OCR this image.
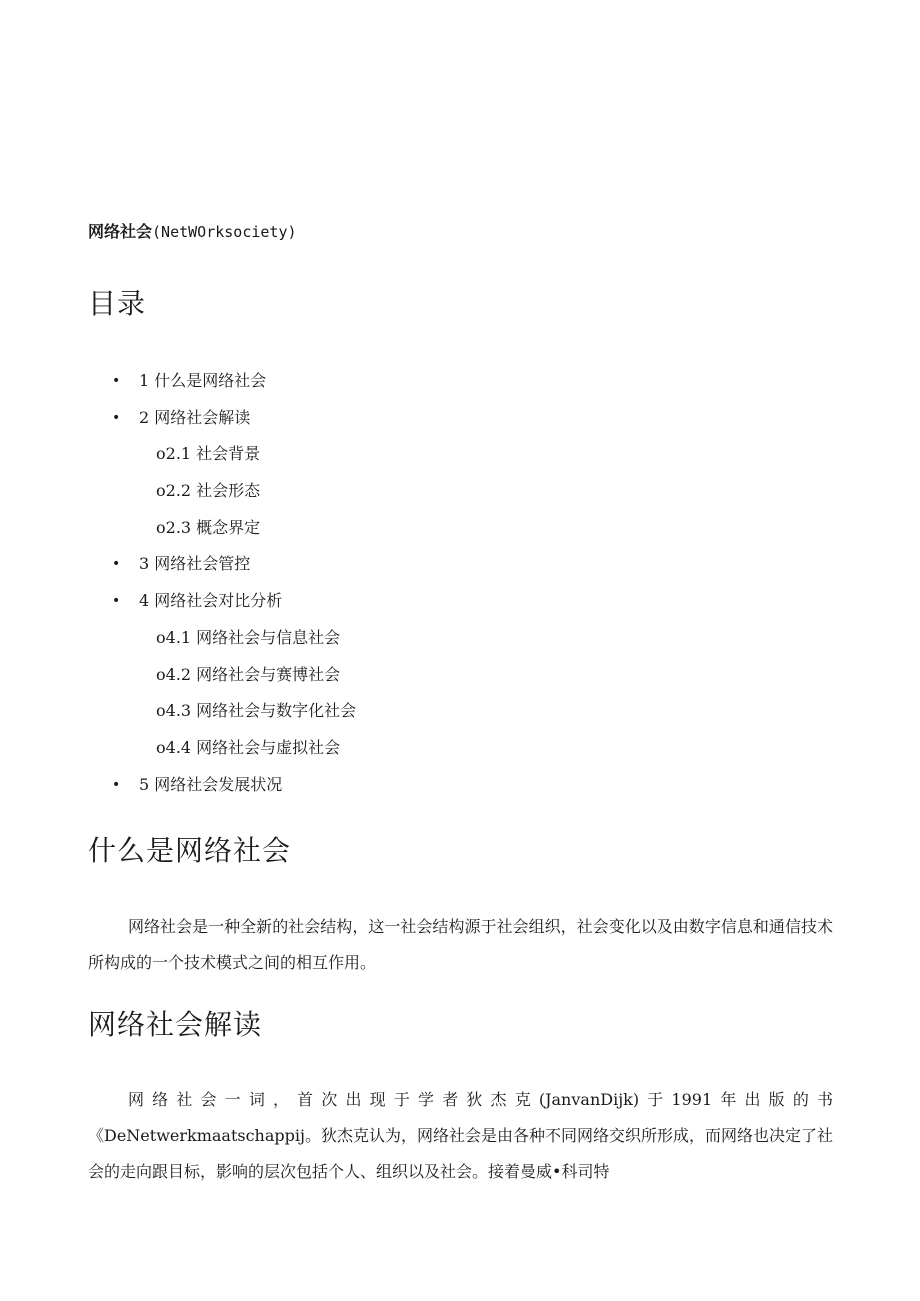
网络社会(NetWOrksociety)
目录
• 1 什么是网络社会
• 2 网络社会解读
o2.1 社会背景
o2.2 社会形态
o2.3 概念界定
• 3 网络社会管控
• 4 网络社会对比分析
o4.1 网络社会与信息社会
o4.2 网络社会与赛博社会
o4.3 网络社会与数字化社会
o4.4 网络社会与虚拟社会
• 5 网络社会发展状况
什么是网络社会

网络社会是一种全新的社会结构，这一社会结构源于社会组织，社会变化以及由数字信息和通信技术所构成的一个技术模式之间的相互作用。

网络社会解读

网络社会一词，首次出现于学者狄杰克(JanvanDijk)于1991年出版的书《DeNetwerkmaatschappij。狄杰克认为，网络社会是由各种不同网络交织所形成，而网络也决定了社会的走向跟目标，影响的层次包括个人、组织以及社会。接着曼威•科司特
